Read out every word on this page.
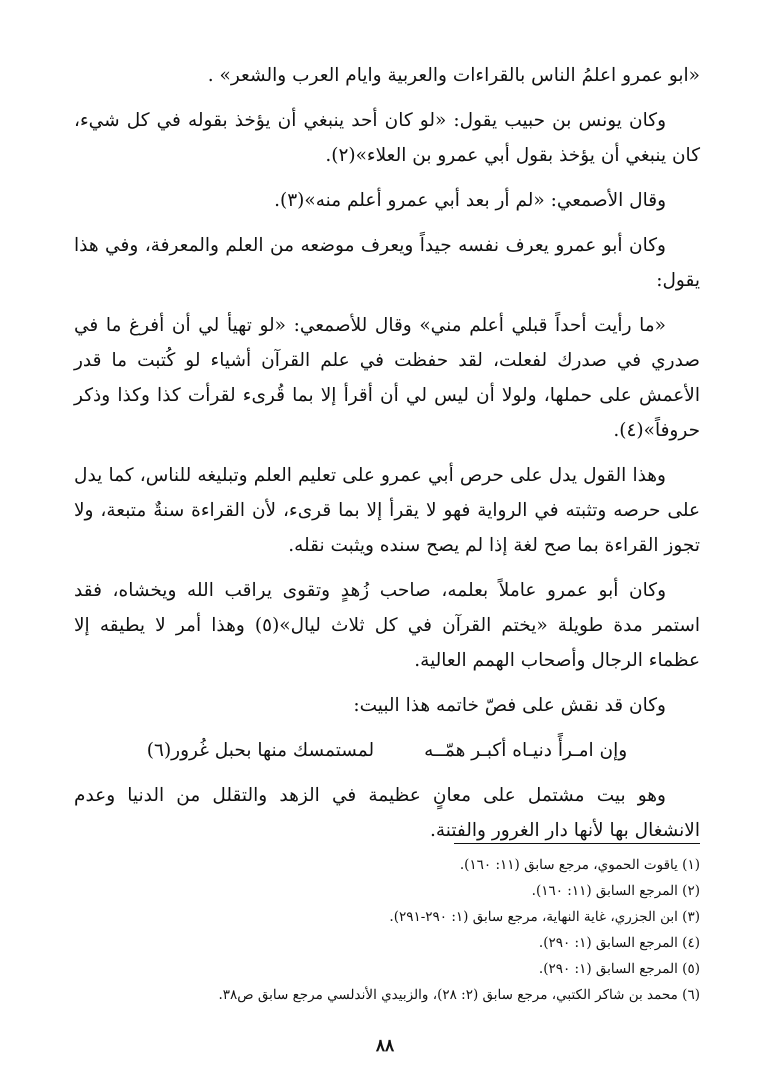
«ابو عمرو اعلمُ الناس بالقراءات والعربية وايام العرب والشعر» .

وكان يونس بن حبيب يقول: «لو كان أحد ينبغي أن يؤخذ بقوله في كل شيء، كان ينبغي أن يؤخذ بقول أبي عمرو بن العلاء»(٢).

وقال الأصمعي: «لم أر بعد أبي عمرو أعلم منه»(٣).

وكان أبو عمرو يعرف نفسه جيداً ويعرف موضعه من العلم والمعرفة، وفي هذا يقول:

«ما رأيت أحداً قبلي أعلم مني» وقال للأصمعي: «لو تهيأ لي أن أفرغ ما في صدري في صدرك لفعلت، لقد حفظت في علم القرآن أشياء لو كُتبت ما قدر الأعمش على حملها، ولولا أن ليس لي أن أقرأ إلا بما قُرىء لقرأت كذا وكذا وذكر حروفاً»(٤).

وهذا القول يدل على حرص أبي عمرو على تعليم العلم وتبليغه للناس، كما يدل على حرصه وتثبته في الرواية فهو لا يقرأ إلا بما قرىء، لأن القراءة سنةٌ متبعة، ولا تجوز القراءة بما صح لغة إذا لم يصح سنده ويثبت نقله.

وكان أبو عمرو عاملاً بعلمه، صاحب زُهدٍ وتقوى يراقب الله ويخشاه، فقد استمر مدة طويلة «يختم القرآن في كل ثلاث ليال»(٥) وهذا أمر لا يطيقه إلا عظماء الرجال وأصحاب الهمم العالية.

وكان قد نقش على فصّ خاتمه هذا البيت:

وإن امـرأً دنيـاه أكبـر همّــه
لمستمسك منها بحبل غُرور(٦)

وهو بيت مشتمل على معانٍ عظيمة في الزهد والتقلل من الدنيا وعدم الانشغال بها لأنها دار الغرور والفتنة.

(١) ياقوت الحموي، مرجع سابق (١١: ١٦٠).
(٢) المرجع السابق (١١: ١٦٠).
(٣) ابن الجزري، غاية النهاية، مرجع سابق (١: ٢٩٠-٢٩١).
(٤) المرجع السابق (١: ٢٩٠).
(٥) المرجع السابق (١: ٢٩٠).
(٦) محمد بن شاكر الكتبي، مرجع سابق (٢: ٢٨)، والزبيدي الأندلسي مرجع سابق ص٣٨.
٨٨
